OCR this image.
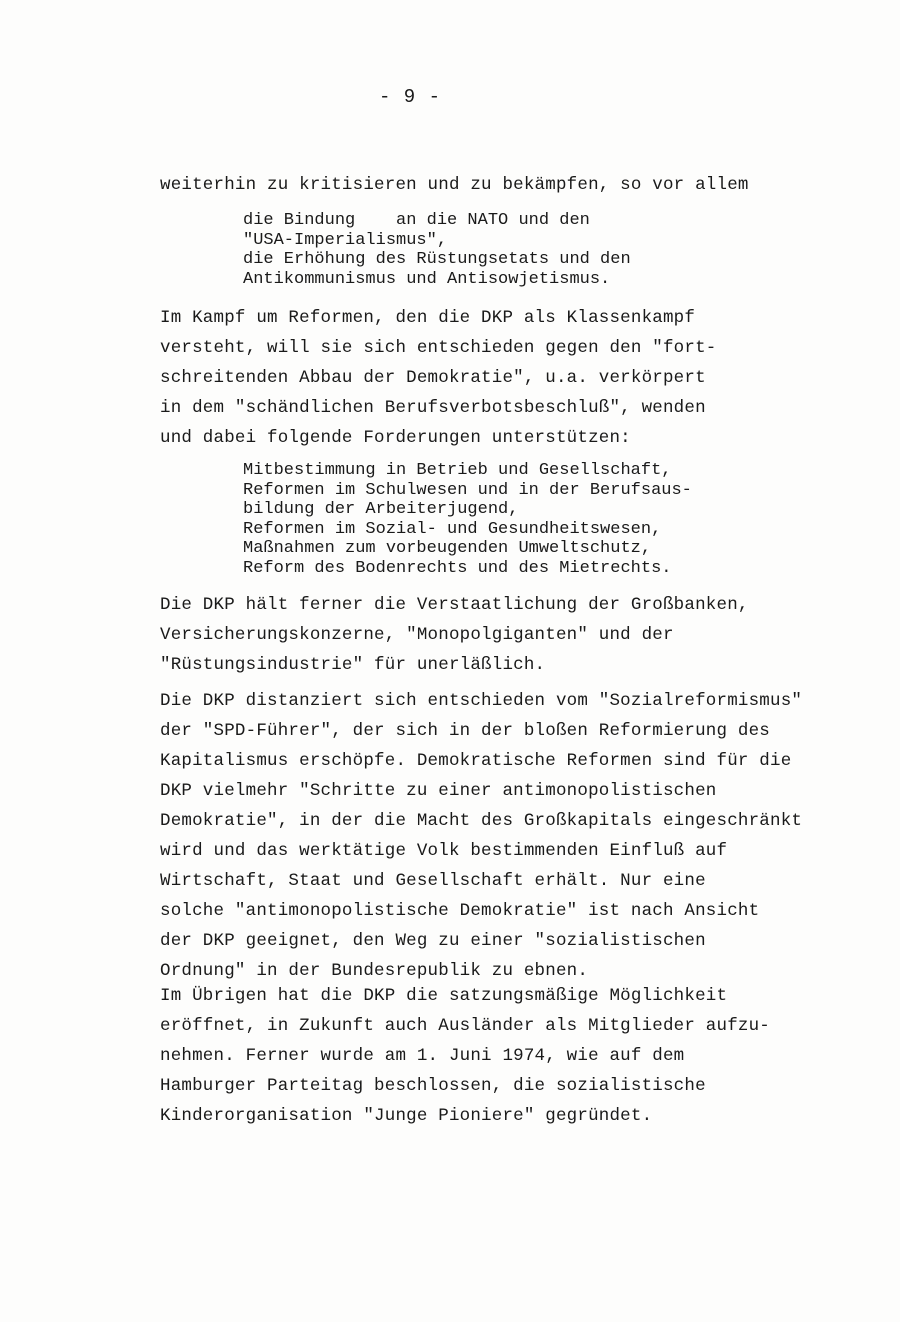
- 9 -
weiterhin zu kritisieren und zu bekämpfen, so vor allem
die Bindung    an die NATO und den
"USA-Imperialismus",
die Erhöhung des Rüstungsetats und den
Antikommunismus und Antisowjetismus.
Im Kampf um Reformen, den die DKP als Klassenkampf
versteht, will sie sich entschieden gegen den "fort-
schreitenden Abbau der Demokratie", u.a. verkörpert
in dem "schändlichen Berufsverbotsbeschluß", wenden
und dabei folgende Forderungen unterstützen:
Mitbestimmung in Betrieb und Gesellschaft,
Reformen im Schulwesen und in der Berufsaus-
bildung der Arbeiterjugend,
Reformen im Sozial- und Gesundheitswesen,
Maßnahmen zum vorbeugenden Umweltschutz,
Reform des Bodenrechts und des Mietrechts.
Die DKP hält ferner die Verstaatlichung der Großbanken,
Versicherungskonzerne, "Monopolgiganten" und der
"Rüstungsindustrie" für unerläßlich.
Die DKP distanziert sich entschieden vom "Sozialreformismus"
der "SPD-Führer", der sich in der bloßen Reformierung des
Kapitalismus erschöpfe. Demokratische Reformen sind für die
DKP vielmehr "Schritte zu einer antimonopolistischen
Demokratie", in der die Macht des Großkapitals eingeschränkt
wird und das werktätige Volk bestimmenden Einfluß auf
Wirtschaft, Staat und Gesellschaft erhält. Nur eine
solche "antimonopolistische Demokratie" ist nach Ansicht
der DKP geeignet, den Weg zu einer "sozialistischen
Ordnung" in der Bundesrepublik zu ebnen.
Im Übrigen hat die DKP die satzungsmäßige Möglichkeit
eröffnet, in Zukunft auch Ausländer als Mitglieder aufzu-
nehmen. Ferner wurde am 1. Juni 1974, wie auf dem
Hamburger Parteitag beschlossen, die sozialistische
Kinderorganisation "Junge Pioniere" gegründet.
